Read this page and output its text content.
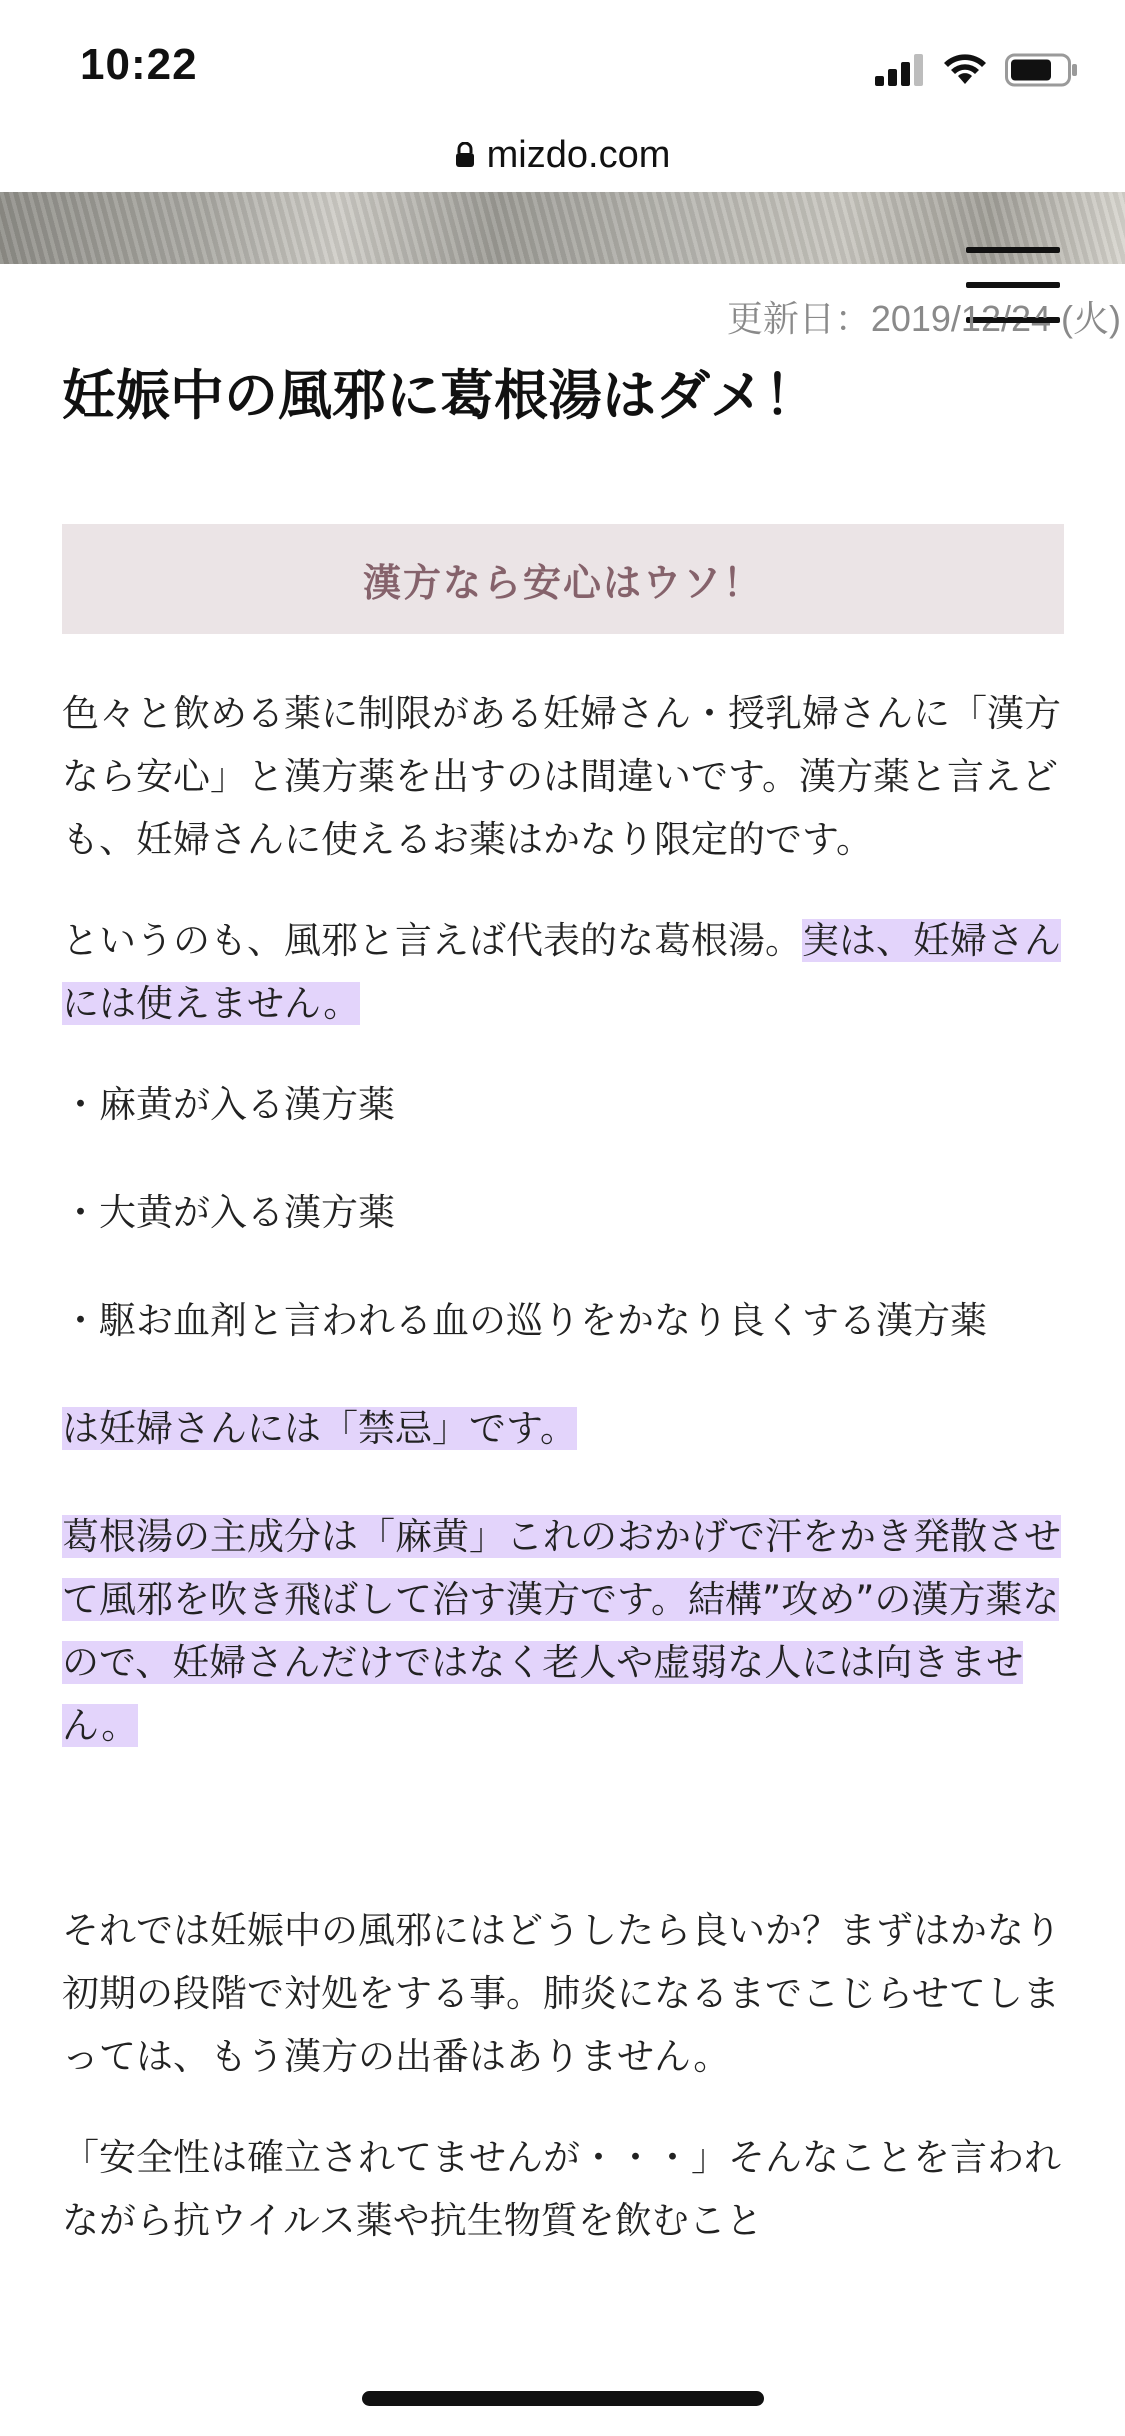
10:22
mizdo.com
更新日：2019/12/24 (火)
妊娠中の風邪に葛根湯はダメ！
漢方なら安心はウソ！

色々と飲める薬に制限がある妊婦さん・授乳婦さんに「漢方なら安心」と漢方薬を出すのは間違いです。漢方薬と言えども、妊婦さんに使えるお薬はかなり限定的です。

というのも、風邪と言えば代表的な葛根湯。実は、妊婦さんには使えません。

・麻黄が入る漢方薬

・大黄が入る漢方薬

・駆お血剤と言われる血の巡りをかなり良くする漢方薬

は妊婦さんには「禁忌」です。

葛根湯の主成分は「麻黄」これのおかげで汗をかき発散させて風邪を吹き飛ばして治す漢方です。結構”攻め”の漢方薬なので、妊婦さんだけではなく老人や虚弱な人には向きません。

それでは妊娠中の風邪にはどうしたら良いか？まずはかなり初期の段階で対処をする事。肺炎になるまでこじらせてしまっては、もう漢方の出番はありません。

「安全性は確立されてませんが・・・」そんなことを言われながら抗ウイルス薬や抗生物質を飲むこと
